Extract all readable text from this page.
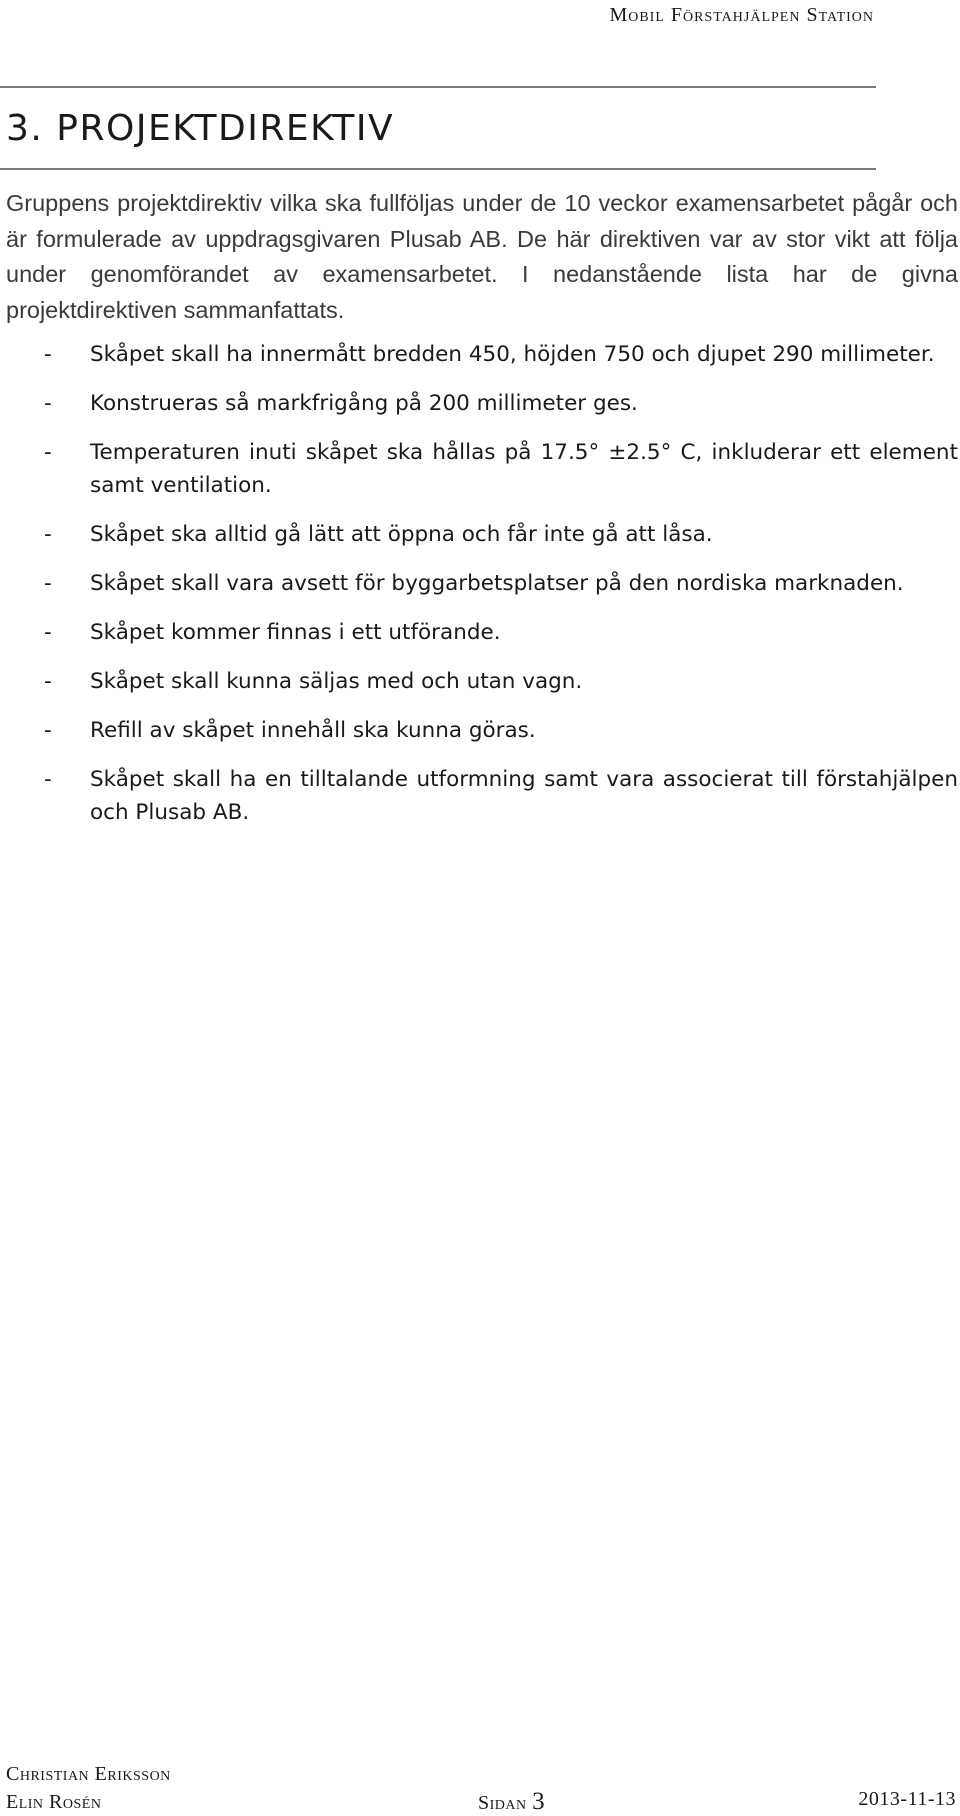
Mobil Förstahjälpen Station
3. PROJEKTDIREKTIV

Gruppens projektdirektiv vilka ska fullföljas under de 10 veckor examensarbetet pågår och är formulerade av uppdragsgivaren Plusab AB. De här direktiven var av stor vikt att följa under genomförandet av examensarbetet. I nedanstående lista har de givna projektdirektiven sammanfattats.

- Skåpet skall ha innermått bredden 450, höjden 750 och djupet 290 millimeter.
- Konstrueras så markfrigång på 200 millimeter ges.
- Temperaturen inuti skåpet ska hållas på 17.5° ±2.5° C, inkluderar ett element samt ventilation.
- Skåpet ska alltid gå lätt att öppna och får inte gå att låsa.
- Skåpet skall vara avsett för byggarbetsplatser på den nordiska marknaden.
- Skåpet kommer finnas i ett utförande.
- Skåpet skall kunna säljas med och utan vagn.
- Refill av skåpet innehåll ska kunna göras.
- Skåpet skall ha en tilltalande utformning samt vara associerat till förstahjälpen och Plusab AB.
Christian Eriksson
Elin Rosén	Sidan 3	2013-11-13
